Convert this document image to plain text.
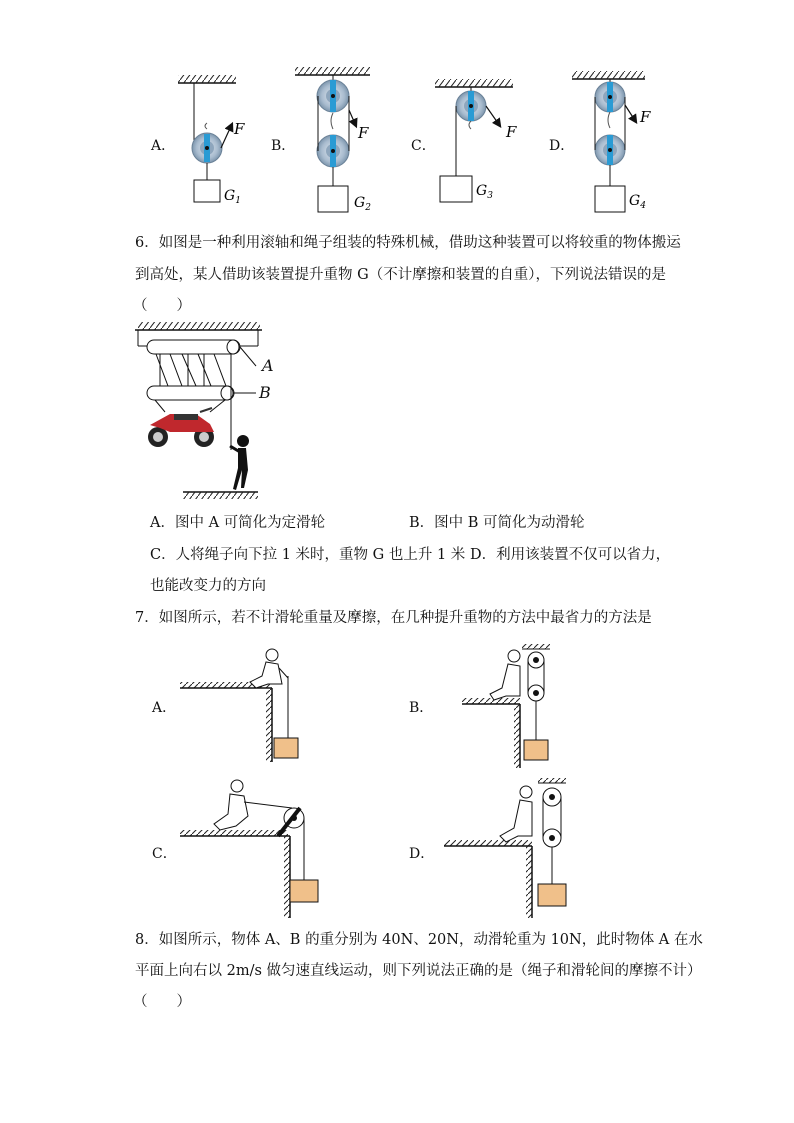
A．	B．	C．	D．
F
$G_1$
F
$G_2$
F
$G_3$
F
$G_4$
6．如图是一种利用滚轴和绳子组装的特殊机械，借助这种装置可以将较重的物体搬运
到高处，某人借助该装置提升重物 G（不计摩擦和装置的自重），下列说法错误的是
（　　）
A
B
A．图中 A 可简化为定滑轮	B．图中 B 可简化为动滑轮
C．人将绳子向下拉 1 米时，重物 G 也上升 1 米 D．利用该装置不仅可以省力，
也能改变力的方向
7．如图所示，若不计滑轮重量及摩擦，在几种提升重物的方法中最省力的方法是
A．	B．
C．	D．
8．如图所示，物体 A、B 的重分别为 40N、20N，动滑轮重为 10N，此时物体 A 在水
平面上向右以 2m/s 做匀速直线运动，则下列说法正确的是（绳子和滑轮间的摩擦不计）
（　　）
